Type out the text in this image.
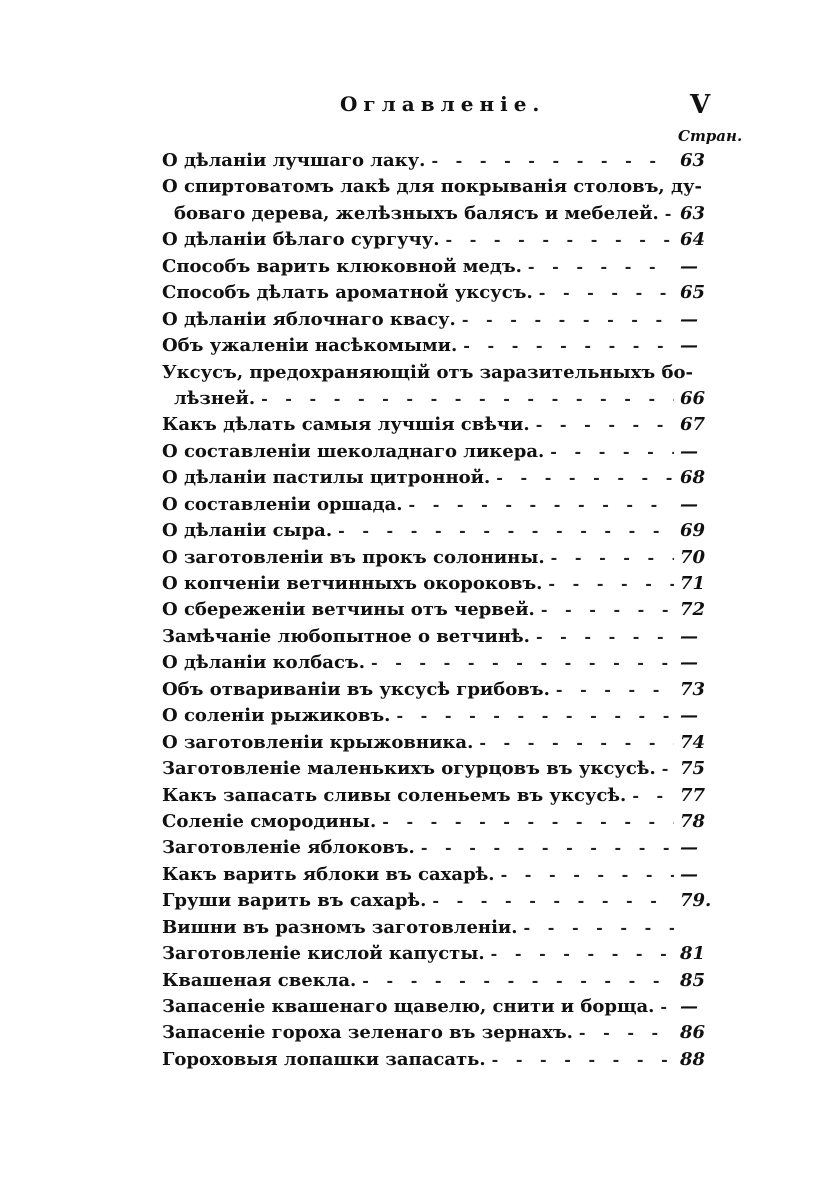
Оглавленіе.	V
Стран.
О дѣланіи лучшаго лаку. - - -	63
О спиртоватомъ лакѣ для покрыванія столовъ, ду-
боваго дерева, желѣзныхъ балясъ и мебелей. - - - 63
О дѣланіи бѣлаго сургучу. - - -	64
Способъ варить клюковной медъ. - - -	—
Способъ дѣлать ароматной уксусъ. - - -	65
О дѣланіи яблочнаго квасу. - - -	—
Объ ужаленіи насѣкомыми. - - -	—
Уксусъ, предохраняющій отъ заразительныхъ бо-
лѣзней. - - -	66
Какъ дѣлать самыя лучшія свѣчи. - - -	67
О составленіи шеколаднаго ликера. - - -	—
О дѣланіи пастилы цитронной. - - -	68
О составленіи оршада. - - -	—
О дѣланіи сыра. - - -	69
О заготовленіи въ прокъ солонины. - - -	70
О копченіи ветчинныхъ окороковъ. - - -	71
О сбереженіи ветчины отъ червей. - - -	72
Замѣчаніе любопытное о ветчинѣ. - - -	—
О дѣланіи колбасъ. - - -	—
Объ отвариваніи въ уксусѣ грибовъ. - - -	73
О соленіи рыжиковъ. - - -	—
О заготовленіи крыжовника. - - -	74
Заготовленіе маленькихъ огурцовъ въ уксусѣ. - - - 75
Какъ запасать сливы соленьемъ въ уксусѣ. - - -	77
Соленіе смородины. - - -	78
Заготовленіе яблоковъ. - - -	—
Какъ варить яблоки въ сахарѣ. - - -	—
Груши варить въ сахарѣ. - - -	79.
Вишни въ разномъ заготовленіи.
- - -
Заготовленіе кислой капусты. - - -	81
Квашеная свекла. - - -	85
Запасеніе квашенаго щавелю, снити и борща. - - - —
Запасеніе гороха зеленаго въ зернахъ. - - -	86
Гороховыя лопашки запасать. - - -	88
